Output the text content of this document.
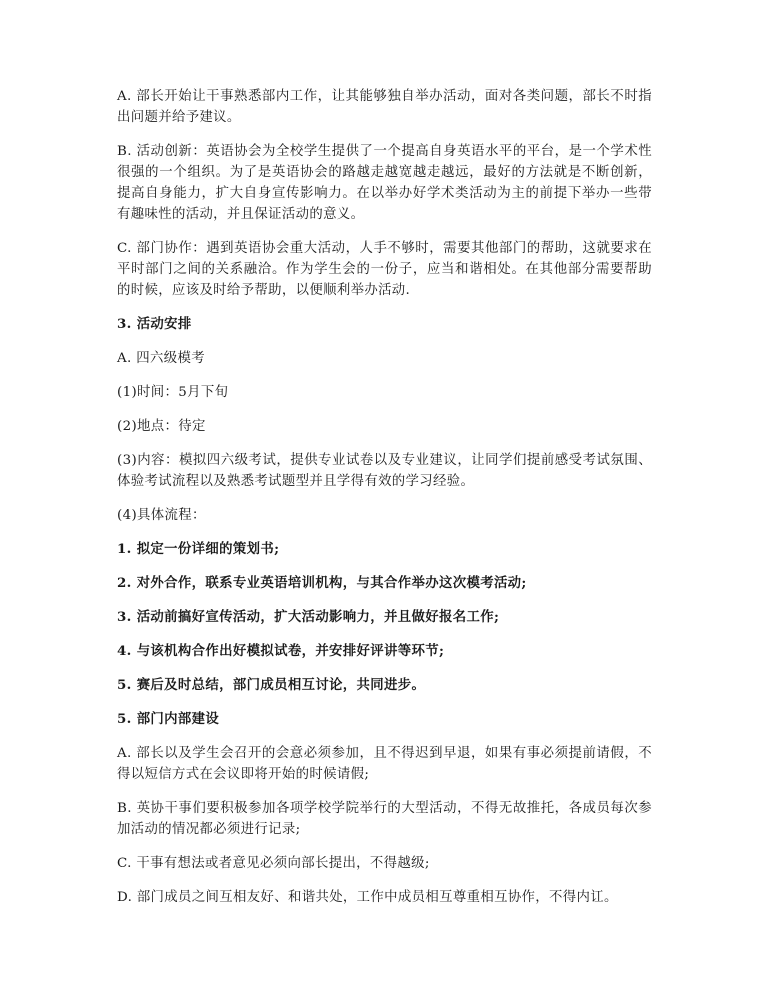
A. 部长开始让干事熟悉部内工作，让其能够独自举办活动，面对各类问题，部长不时指出问题并给予建议。

B. 活动创新：英语协会为全校学生提供了一个提高自身英语水平的平台，是一个学术性很强的一个组织。为了是英语协会的路越走越宽越走越远，最好的方法就是不断创新，提高自身能力，扩大自身宣传影响力。在以举办好学术类活动为主的前提下举办一些带有趣味性的活动，并且保证活动的意义。

C. 部门协作：遇到英语协会重大活动，人手不够时，需要其他部门的帮助，这就要求在平时部门之间的关系融洽。作为学生会的一份子，应当和谐相处。在其他部分需要帮助的时候，应该及时给予帮助，以便顺利举办活动.

3. 活动安排

A. 四六级模考

(1)时间：5月下旬

(2)地点：待定

(3)内容：模拟四六级考试，提供专业试卷以及专业建议，让同学们提前感受考试氛围、体验考试流程以及熟悉考试题型并且学得有效的学习经验。

(4)具体流程：

1. 拟定一份详细的策划书;

2. 对外合作，联系专业英语培训机构，与其合作举办这次模考活动;

3. 活动前搞好宣传活动，扩大活动影响力，并且做好报名工作;

4. 与该机构合作出好模拟试卷，并安排好评讲等环节;

5. 赛后及时总结，部门成员相互讨论，共同进步。

5. 部门内部建设

A. 部长以及学生会召开的会意必须参加，且不得迟到早退，如果有事必须提前请假，不得以短信方式在会议即将开始的时候请假;

B. 英协干事们要积极参加各项学校学院举行的大型活动，不得无故推托，各成员每次参加活动的情况都必须进行记录;

C. 干事有想法或者意见必须向部长提出，不得越级;

D. 部门成员之间互相友好、和谐共处，工作中成员相互尊重相互协作，不得内讧。
